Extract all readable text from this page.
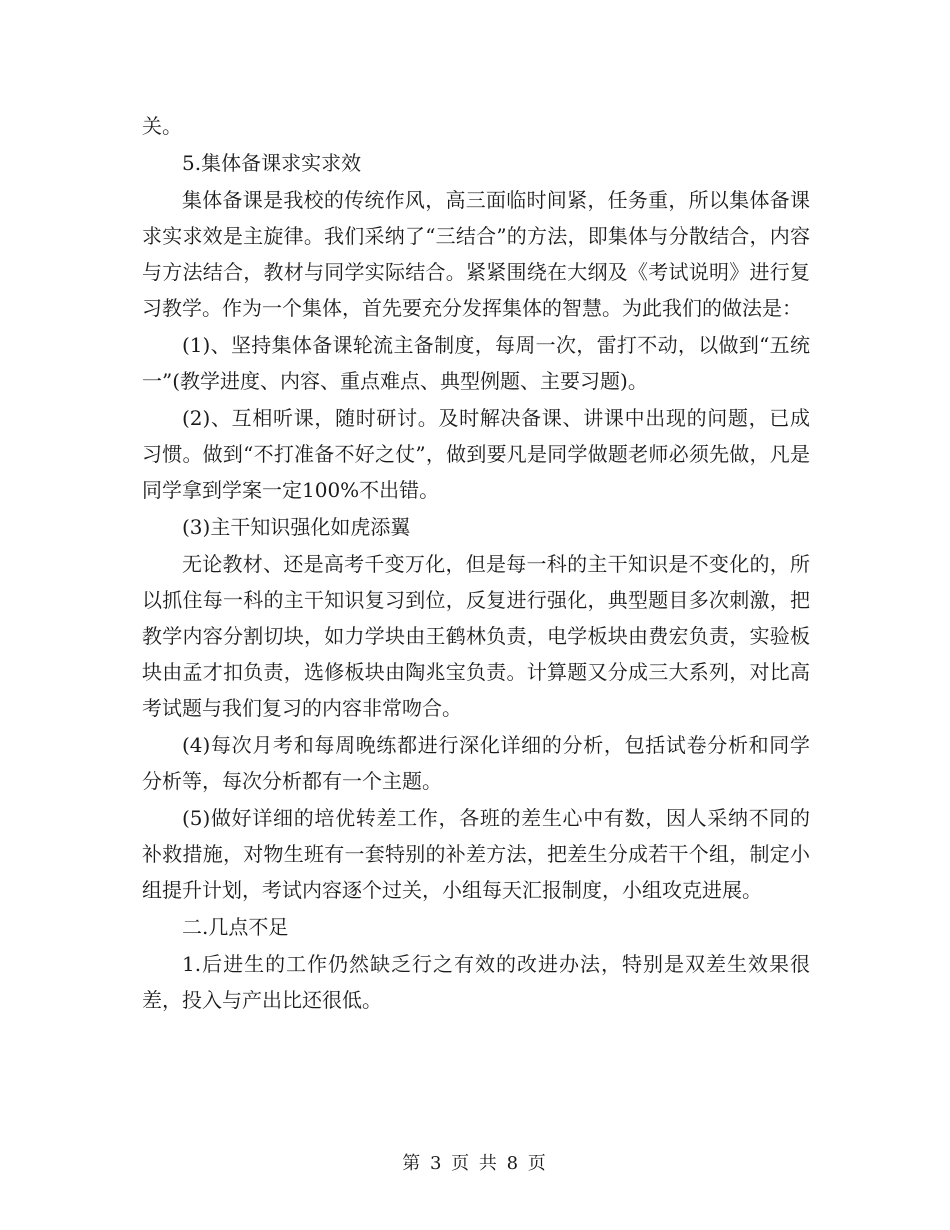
关。

5.集体备课求实求效

集体备课是我校的传统作风，高三面临时间紧，任务重，所以集体备课求实求效是主旋律。我们采纳了“三结合”的方法，即集体与分散结合，内容与方法结合，教材与同学实际结合。紧紧围绕在大纲及《考试说明》进行复习教学。作为一个集体，首先要充分发挥集体的智慧。为此我们的做法是：

(1)、坚持集体备课轮流主备制度，每周一次，雷打不动，以做到“五统一”(教学进度、内容、重点难点、典型例题、主要习题)。

(2)、互相听课，随时研讨。及时解决备课、讲课中出现的问题，已成习惯。做到“不打准备不好之仗”，做到要凡是同学做题老师必须先做，凡是同学拿到学案一定100%不出错。

(3)主干知识强化如虎添翼

无论教材、还是高考千变万化，但是每一科的主干知识是不变化的，所以抓住每一科的主干知识复习到位，反复进行强化，典型题目多次刺激，把教学内容分割切块，如力学块由王鹤林负责，电学板块由费宏负责，实验板块由孟才扣负责，选修板块由陶兆宝负责。计算题又分成三大系列，对比高考试题与我们复习的内容非常吻合。

(4)每次月考和每周晚练都进行深化详细的分析，包括试卷分析和同学分析等，每次分析都有一个主题。

(5)做好详细的培优转差工作，各班的差生心中有数，因人采纳不同的补救措施，对物生班有一套特别的补差方法，把差生分成若干个组，制定小组提升计划，考试内容逐个过关，小组每天汇报制度，小组攻克进展。

二.几点不足

1.后进生的工作仍然缺乏行之有效的改进办法，特别是双差生效果很差，投入与产出比还很低。

第 3 页 共 8 页
